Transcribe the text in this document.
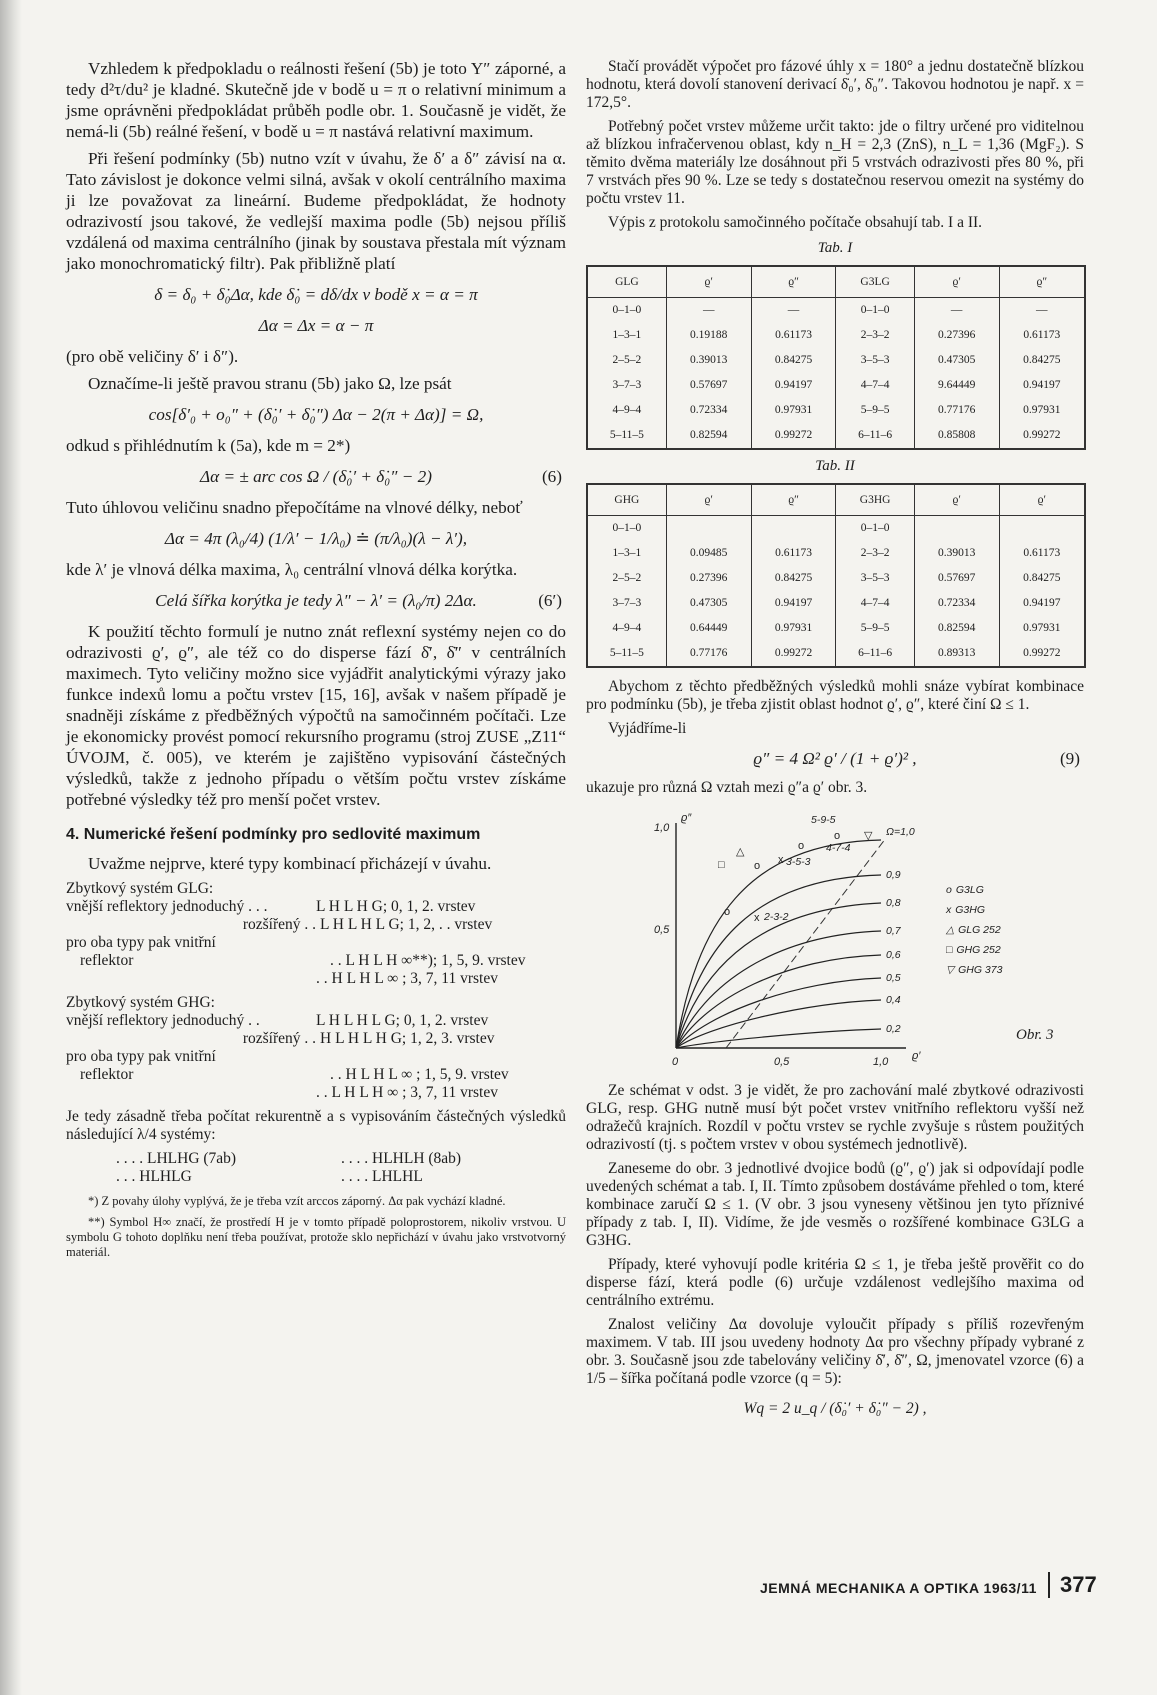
Vzhledem k předpokladu o reálnosti řešení (5b) je toto Y″ záporné, a tedy d²τ/du² je kladné. Skutečně jde v bodě u = π o relativní minimum a jsme oprávněni předpokládat průběh podle obr. 1. Současně je vidět, že nemá-li (5b) reálné řešení, v bodě u = π nastává relativní maximum.

Při řešení podmínky (5b) nutno vzít v úvahu, že δ′ a δ″ závisí na α. Tato závislost je dokonce velmi silná, avšak v okolí centrálního maxima ji lze považovat za lineární. Budeme předpokládat, že hodnoty odrazivostí jsou takové, že vedlejší maxima podle (5b) nejsou příliš vzdálená od maxima centrálního (jinak by soustava přestala mít význam jako monochromatický filtr). Pak přibližně platí

δ = δ₀ + δ̇₀Δα, kde δ̇₀ = dδ/dx v bodě x = α = π
Δα = Δx = α − π

(pro obě veličiny δ′ i δ″).

Označíme-li ještě pravou stranu (5b) jako Ω, lze psát

cos[δ′₀ + o₀″ + (δ̇₀′ + δ̇₀″) Δα − 2(π + Δα)] = Ω,

odkud s přihlédnutím k (5a), kde m = 2*)

Δα = ± arc cos Ω / (δ̇₀′ + δ̇₀″ − 2)	(6)

Tuto úhlovou veličinu snadno přepočítáme na vlnové délky, neboť

Δα = 4π (λ₀/4) (1/λ′ − 1/λ₀) ≐ (π/λ₀)(λ − λ′),

kde λ′ je vlnová délka maxima, λ₀ centrální vlnová délka korýtka.

Celá šířka korýtka je tedy λ″ − λ′ = (λ₀/π) 2Δα.	(6′)

K použití těchto formulí je nutno znát reflexní systémy nejen co do odrazivosti ϱ′, ϱ″, ale též co do disperse fází δ̇′, δ̇″ v centrálních maximech. Tyto veličiny možno sice vyjádřit analytickými výrazy jako funkce indexů lomu a počtu vrstev [15, 16], avšak v našem případě je snadněji získáme z předběžných výpočtů na samočinném počítači. Lze je ekonomicky provést pomocí rekursního programu (stroj ZUSE „Z11“ ÚVOJM, č. 005), ve kterém je zajištěno vypisování částečných výsledků, takže z jednoho případu o větším počtu vrstev získáme potřebné výsledky též pro menší počet vrstev.

4. Numerické řešení podmínky pro sedlovité maximum

Uvažme nejprve, které typy kombinací přicházejí v úvahu.

Zbytkový systém GLG:
vnější reflektory jednoduchý . . .	L H L H G; 0, 1, 2. vrstev
rozšířený . . L H L H L G; 1, 2, . . vrstev
pro oba typy pak vnitřní
reflektor	. . L H L H ∞**); 1, 5, 9. vrstev
. . H L H L ∞ ; 3, 7, 11 vrstev
Zbytkový systém GHG:
vnější reflektory jednoduchý . .	L H L H L G; 0, 1, 2. vrstev
rozšířený . . H L H L H G; 1, 2, 3. vrstev
pro oba typy pak vnitřní
reflektor	. . H L H L ∞ ; 1, 5, 9. vrstev
. . L H L H ∞ ; 3, 7, 11 vrstev

Je tedy zásadně třeba počítat rekurentně a s vypisováním částečných výsledků následující λ/4 systémy:

. . . . LHLHG (7ab)	. . . . HLHLH (8ab)
. . . HLHLG	. . . . LHLHL

*) Z povahy úlohy vyplývá, že je třeba vzít arccos záporný. Δα pak vychází kladné.

**) Symbol H∞ značí, že prostředí H je v tomto případě poloprostorem, nikoliv vrstvou. U symbolu G tohoto doplňku není třeba používat, protože sklo nepřichází v úvahu jako vrstvotvorný materiál.

Stačí provádět výpočet pro fázové úhly x = 180° a jednu dostatečně blízkou hodnotu, která dovolí stanovení derivací δ̇₀′, δ̇₀″. Takovou hodnotou je např. x = 172,5°.

Potřebný počet vrstev můžeme určit takto: jde o filtry určené pro viditelnou až blízkou infračervenou oblast, kdy n_H = 2,3 (ZnS), n_L = 1,36 (MgF₂). S těmito dvěma materiály lze dosáhnout při 5 vrstvách odrazivosti přes 80 %, při 7 vrstvách přes 90 %. Lze se tedy s dostatečnou reservou omezit na systémy do počtu vrstev 11.

Výpis z protokolu samočinného počítače obsahují tab. I a II.

Tab. I
GLG	ϱ′	ϱ″	G3LG	ϱ′	ϱ″
0–1–0	—	—	0–1–0	—	—
1–3–1	0.19188	0.61173	2–3–2	0.27396	0.61173
2–5–2	0.39013	0.84275	3–5–3	0.47305	0.84275
3–7–3	0.57697	0.94197	4–7–4	9.64449	0.94197
4–9–4	0.72334	0.97931	5–9–5	0.77176	0.97931
5–11–5	0.82594	0.99272	6–11–6	0.85808	0.99272
Tab. II
GHG	ϱ′	ϱ″	G3HG	ϱ′	ϱ′
0–1–0			0–1–0		
1–3–1	0.09485	0.61173	2–3–2	0.39013	0.61173
2–5–2	0.27396	0.84275	3–5–3	0.57697	0.84275
3–7–3	0.47305	0.94197	4–7–4	0.72334	0.94197
4–9–4	0.64449	0.97931	5–9–5	0.82594	0.97931
5–11–5	0.77176	0.99272	6–11–6	0.89313	0.99272

Abychom z těchto předběžných výsledků mohli snáze vybírat kombinace pro podmínku (5b), je třeba zjistit oblast hodnot ϱ′, ϱ″, které činí Ω ≤ 1.

Vyjádříme-li

ϱ″ = 4 Ω² ϱ′ / (1 + ϱ′)² ,	(9)

ukazuje pro různá Ω vztah mezi ϱ″a ϱ′ obr. 3.

□
△
o x
o
o
o x
▽
5-9-5
4-7-4
3-5-3
2-3-2
Ω=1,0
0,9
0,8
0,7
0,6
0,5
0,4
0,2
ϱ″
1,0
0,5
0	0,5	1,0 ϱ′
o G3LG
x G3HG
△ GLG 252
□ GHG 252
▽ GHG 373
Obr. 3

Ze schémat v odst. 3 je vidět, že pro zachování malé zbytkové odrazivosti GLG, resp. GHG nutně musí být počet vrstev vnitřního reflektoru vyšší než odražečů krajních. Rozdíl v počtu vrstev se rychle zvyšuje s růstem použitých odrazivostí (tj. s počtem vrstev v obou systémech jednotlivě).

Zaneseme do obr. 3 jednotlivé dvojice bodů (ϱ″, ϱ′) jak si odpovídají podle uvedených schémat a tab. I, II. Tímto způsobem dostáváme přehled o tom, které kombinace zaručí Ω ≤ 1. (V obr. 3 jsou vyneseny většinou jen tyto příznivé případy z tab. I, II). Vidíme, že jde vesměs o rozšířené kombinace G3LG a G3HG.

Případy, které vyhovují podle kritéria Ω ≤ 1, je třeba ještě prověřit co do disperse fází, která podle (6) určuje vzdálenost vedlejšího maxima od centrálního extrému.

Znalost veličiny Δα dovoluje vyloučit případy s příliš rozevřeným maximem. V tab. III jsou uvedeny hodnoty Δα pro všechny případy vybrané z obr. 3. Současně jsou zde tabelovány veličiny δ̇′, δ̇″, Ω, jmenovatel vzorce (6) a 1/5 – šířka počítaná podle vzorce (q = 5):

Wq = 2 u_q / (δ̇₀′ + δ̇₀″ − 2) ,
JEMNÁ MECHANIKA A OPTIKA 1963/11	377
